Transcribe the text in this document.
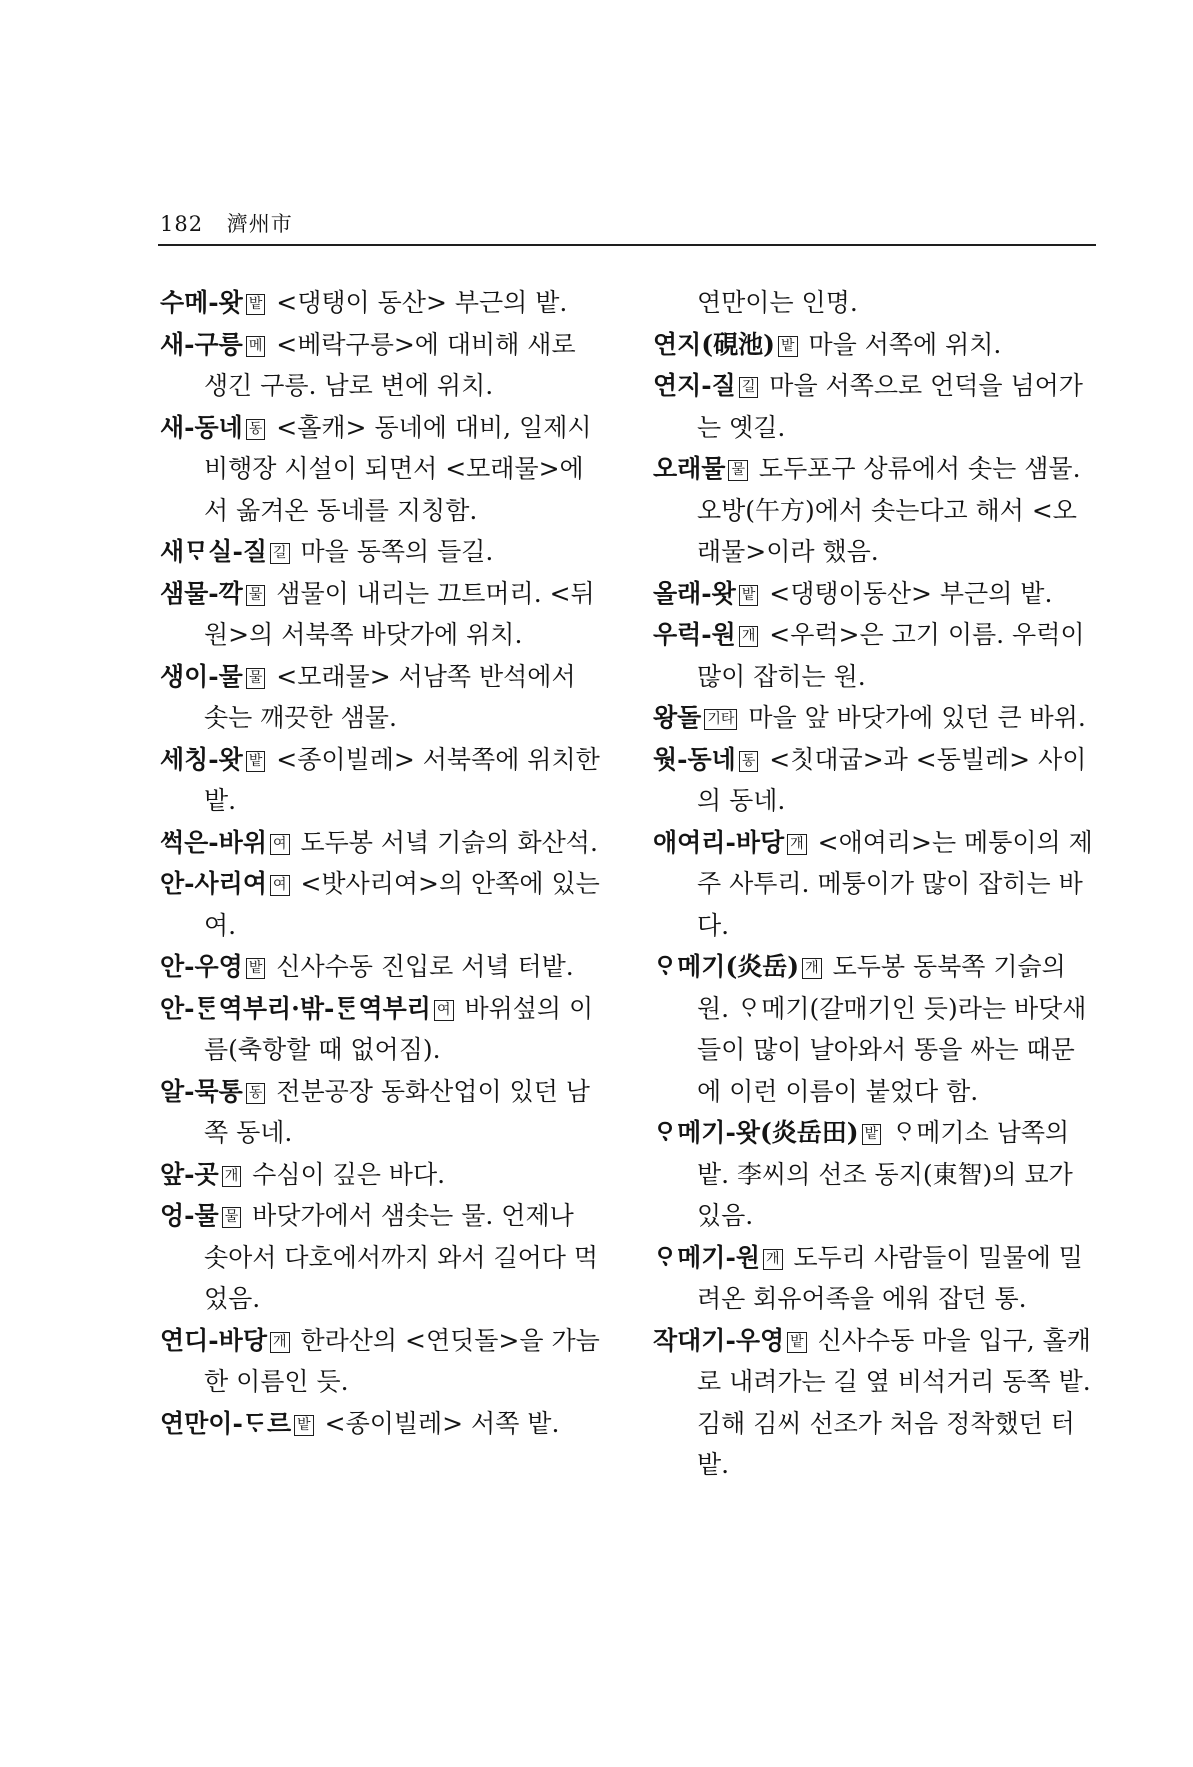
182 濟州市
수메-왓 밭 <댕탱이 동산> 부근의 밭.
새-구릉 메 <베락구릉>에 대비해 새로 생긴 구릉. 남로 변에 위치.
새-동네 동 <홀캐> 동네에 대비, 일제시 비행장 시설이 되면서 <모래물>에서 옮겨온 동네를 지칭함.
새ᄆᆞ실-질 길 마을 동쪽의 들길.
샘물-깍 물 샘물이 내리는 끄트머리. <뒤원>의 서북쪽 바닷가에 위치.
생이-물 물 <모래물> 서남쪽 반석에서 솟는 깨끗한 샘물.
세칭-왓 밭 <종이빌레> 서북쪽에 위치한 밭.
썩은-바위 여 도두봉 서녘 기슭의 화산석.
안-사리여 여 <밧사리여>의 안쪽에 있는 여.
안-우영 밭 신사수동 진입로 서녘 터밭.
안-ᄐᆞᆫ역부리·밖-ᄐᆞᆫ역부리 여 바위섶의 이름(축항할 때 없어짐).
알-묵통 동 전분공장 동화산업이 있던 남쪽 동네.
앞-곳 개 수심이 깊은 바다.
엉-물 물 바닷가에서 샘솟는 물. 언제나 솟아서 다호에서까지 와서 길어다 먹었음.
연디-바당 개 한라산의 <연딧돌>을 가늠한 이름인 듯.
연만이-ᄃᆞ르 밭 <종이빌레> 서쪽 밭.
연만이는 인명.
연지(硯池) 밭 마을 서쪽에 위치.
연지-질 길 마을 서쪽으로 언덕을 넘어가는 옛길.
오래물 물 도두포구 상류에서 솟는 샘물. 오방(午方)에서 솟는다고 해서 <오래물>이라 했음.
올래-왓 밭 <댕탱이동산> 부근의 밭.
우럭-원 개 <우럭>은 고기 이름. 우럭이 많이 잡히는 원.
왕돌 기타 마을 앞 바닷가에 있던 큰 바위.
웟-동네 동 <칫대굽>과 <동빌레> 사이의 동네.
애여리-바당 개 <애여리>는 메퉁이의 제주 사투리. 메퉁이가 많이 잡히는 바다.
ᄋᆞ메기(炎岳) 개 도두봉 동북쪽 기슭의 원. ᄋᆞ메기(갈매기인 듯)라는 바닷새들이 많이 날아와서 똥을 싸는 때문에 이런 이름이 붙었다 함.
ᄋᆞ메기-왓(炎岳田) 밭 ᄋᆞ메기소 남쪽의 밭. 李씨의 선조 동지(東智)의 묘가 있음.
ᄋᆞ메기-원 개 도두리 사람들이 밀물에 밀려온 회유어족을 에워 잡던 통.
작대기-우영 밭 신사수동 마을 입구, 홀캐로 내려가는 길 옆 비석거리 동쪽 밭. 김해 김씨 선조가 처음 정착했던 터밭.
